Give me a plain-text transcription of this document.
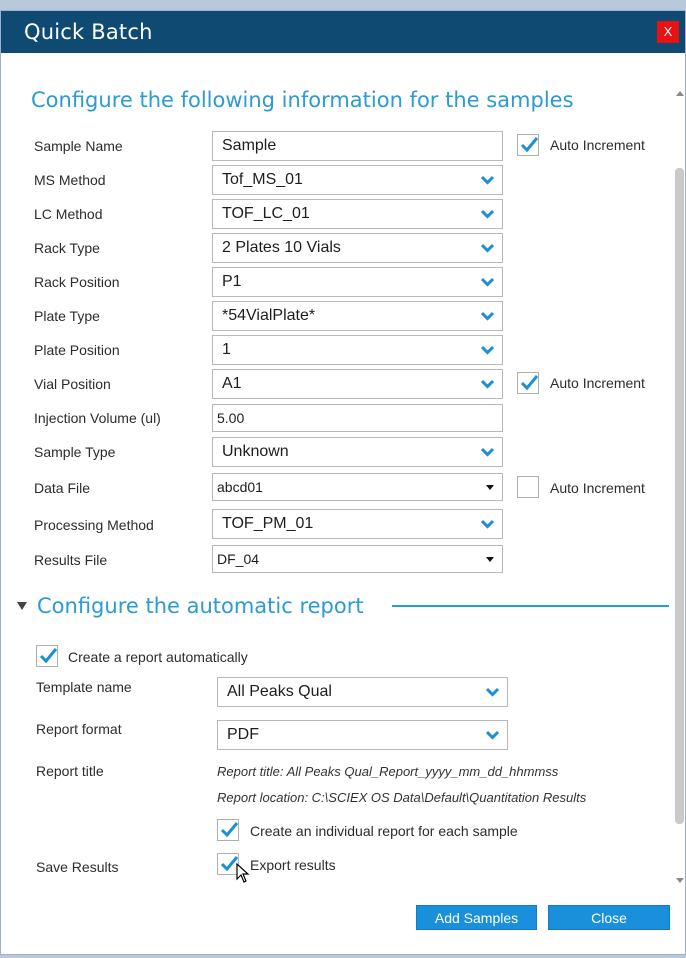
Quick Batch	X
Configure the following information for the samples
Sample Name	Sample	Auto Increment
MS Method	Tof_MS_01
LC Method	TOF_LC_01
Rack Type	2 Plates 10 Vials
Rack Position	P1
Plate Type	*54VialPlate*
Plate Position	1
Vial Position	A1	Auto Increment
Injection Volume (ul)	5.00
Sample Type	Unknown
Data File	abcd01	Auto Increment
Processing Method	TOF_PM_01
Results File	DF_04
Configure the automatic report
Create a report automatically
Template name	All Peaks Qual
Report format	PDF
Report title	Report title: All Peaks Qual_Report_yyyy_mm_dd_hhmmss
Report location: C:\SCIEX OS Data\Default\Quantitation Results
Create an individual report for each sample
Save Results	Export results
Add Samples	Close
